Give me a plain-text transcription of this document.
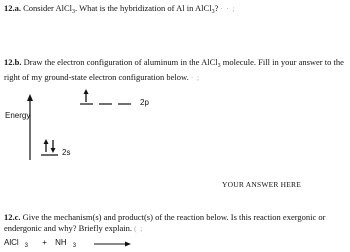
12.a. Consider AlCl$_3$. What is the hybridization of Al in AlCl$_3$? · · ;
12.b. Draw the electron configuration of aluminum in the AlCl$_3$ molecule. Fill in your answer to the right of my ground-state electron configuration below. · ;
Energy
2p
2s
YOUR ANSWER HERE
12.c. Give the mechanism(s) and product(s) of the reaction below. Is this reaction exergonic or endergonic and why? Briefly explain. ( ;
AlCl $_3$ + NH $_3$
